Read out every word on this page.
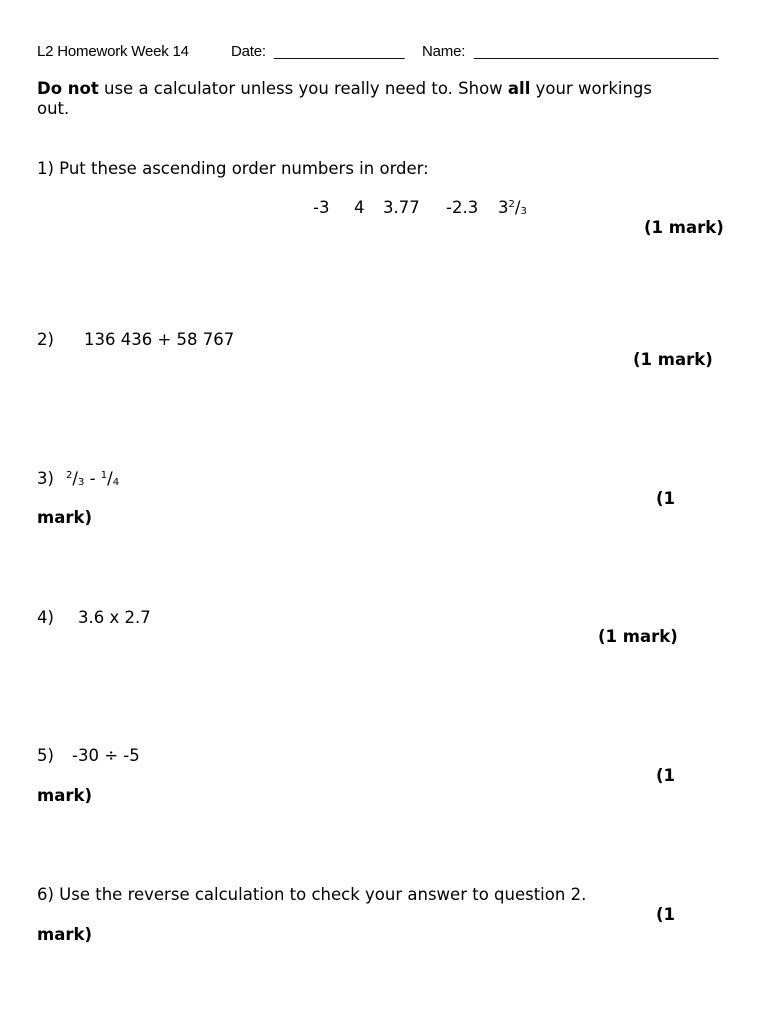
L2 Homework Week 14	Date: ________________ Name: ______________________________
Do not use a calculator unless you really need to. Show all your workings
out.
1) Put these ascending order numbers in order:
-3 4 3.77 -2.3 $3^2/_3$
(1 mark)
2) 136 436 + 58 767
(1 mark)
3) $^2/_3 - ^1/_4$
(1
mark)
4) 3.6 x 2.7
(1 mark)
5) -30 ÷ -5
(1
mark)
6) Use the reverse calculation to check your answer to question 2.
(1
mark)
